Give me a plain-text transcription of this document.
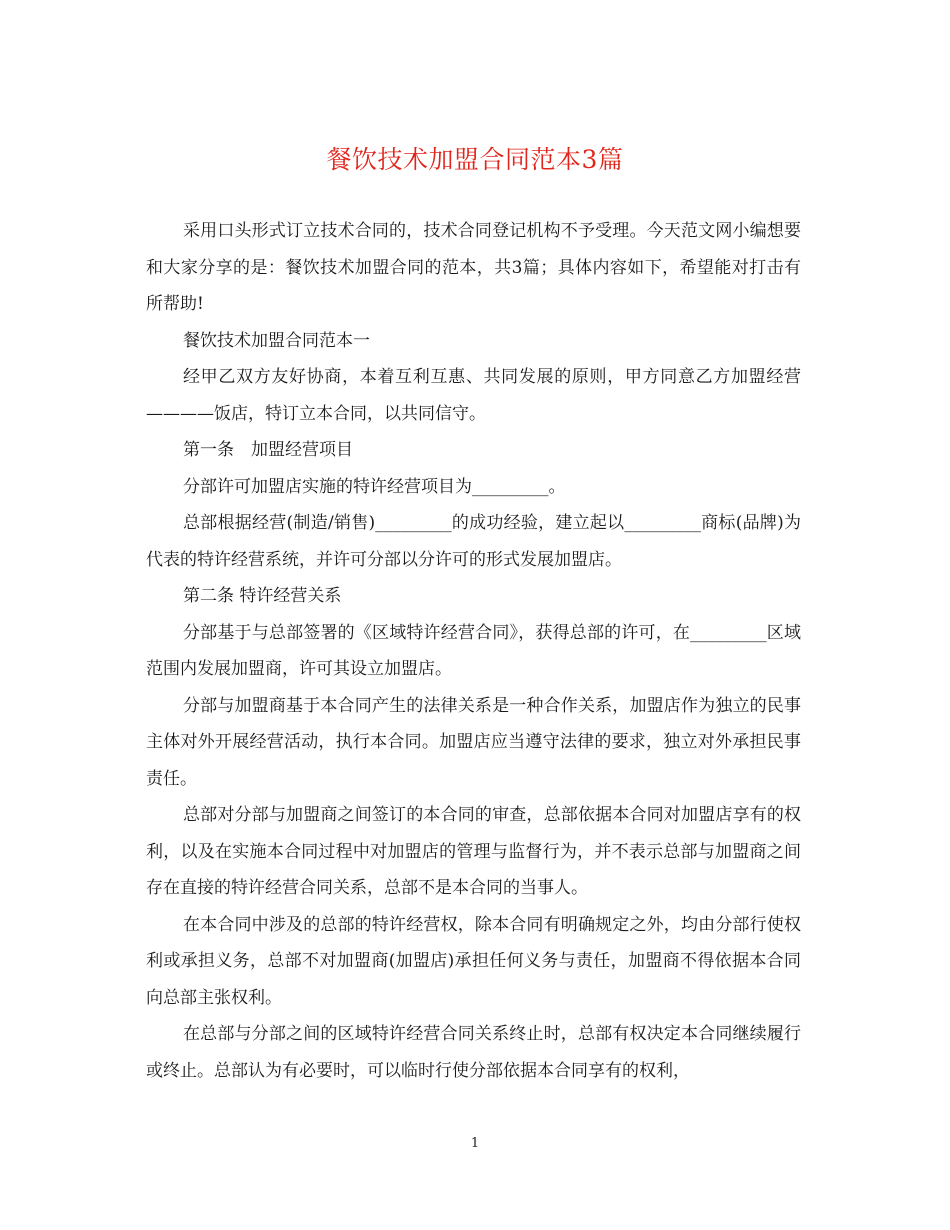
餐饮技术加盟合同范本3篇

采用口头形式订立技术合同的，技术合同登记机构不予受理。今天范文网小编想要和大家分享的是：餐饮技术加盟合同的范本，共3篇；具体内容如下，希望能对打击有所帮助!

餐饮技术加盟合同范本一

经甲乙双方友好协商，本着互利互惠、共同发展的原则，甲方同意乙方加盟经营————饭店，特订立本合同，以共同信守。

第一条　加盟经营项目

分部许可加盟店实施的特许经营项目为_________。

总部根据经营(制造/销售)_________的成功经验，建立起以_________商标(品牌)为代表的特许经营系统，并许可分部以分许可的形式发展加盟店。

第二条 特许经营关系

分部基于与总部签署的《区域特许经营合同》，获得总部的许可，在_________区域范围内发展加盟商，许可其设立加盟店。

分部与加盟商基于本合同产生的法律关系是一种合作关系，加盟店作为独立的民事主体对外开展经营活动，执行本合同。加盟店应当遵守法律的要求，独立对外承担民事责任。

总部对分部与加盟商之间签订的本合同的审查，总部依据本合同对加盟店享有的权利，以及在实施本合同过程中对加盟店的管理与监督行为，并不表示总部与加盟商之间存在直接的特许经营合同关系，总部不是本合同的当事人。

在本合同中涉及的总部的特许经营权，除本合同有明确规定之外，均由分部行使权利或承担义务，总部不对加盟商(加盟店)承担任何义务与责任，加盟商不得依据本合同向总部主张权利。

在总部与分部之间的区域特许经营合同关系终止时，总部有权决定本合同继续履行或终止。总部认为有必要时，可以临时行使分部依据本合同享有的权利，

1
